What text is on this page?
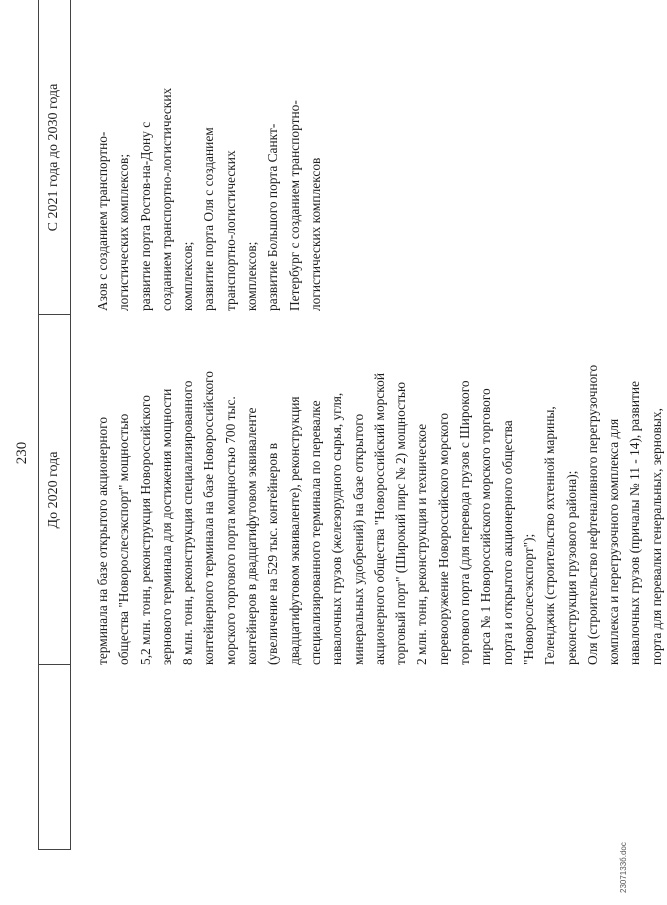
230 До 2020 года
С 2021 года до 2030 года
терминала на базе открытого акционерного общества "Новорослесэкспорт" мощностью 5,2 млн. тонн, реконструкция Новороссийского зернового терминала для достижения мощности 8 млн. тонн, реконструкция специализированного контейнерного терминала на базе Новороссийского морского торгового порта мощностью 700 тыс. контейнеров в двадцатифутовом эквиваленте (увеличение на 529 тыс. контейнеров в двадцатифутовом эквиваленте), реконструкция специализированного терминала по перевалке навалочных грузов (железорудного сырья, угля, минеральных удобрений) на базе открытого акционерного общества "Новороссийский морской торговый порт" (Широкий пирс № 2) мощностью 2 млн. тонн, реконструкция и техническое перевооружение Новороссийского морского торгового порта (для перевода грузов с Широкого пирса № 1 Новороссийского морского торгового порта и открытого акционерного общества "Новорослесэкспорт"); Геленджик (строительство яхтенной марины, реконструкция грузового района); Оля (строительство нефтеналивного перегрузочного комплекса и перегрузочного комплекса для навалочных грузов (причалы № 11 - 14), развитие порта для перевалки генеральных, зерновых,
Азов с созданием транспортно- логистических комплексов; развитие порта Ростов-на-Дону с созданием транспортно-логистических комплексов; развитие порта Оля с созданием транспортно-логистических комплексов; развитие Большого порта Санкт- Петербург с созданием транспортно- логистических комплексов
2307133б.doc
